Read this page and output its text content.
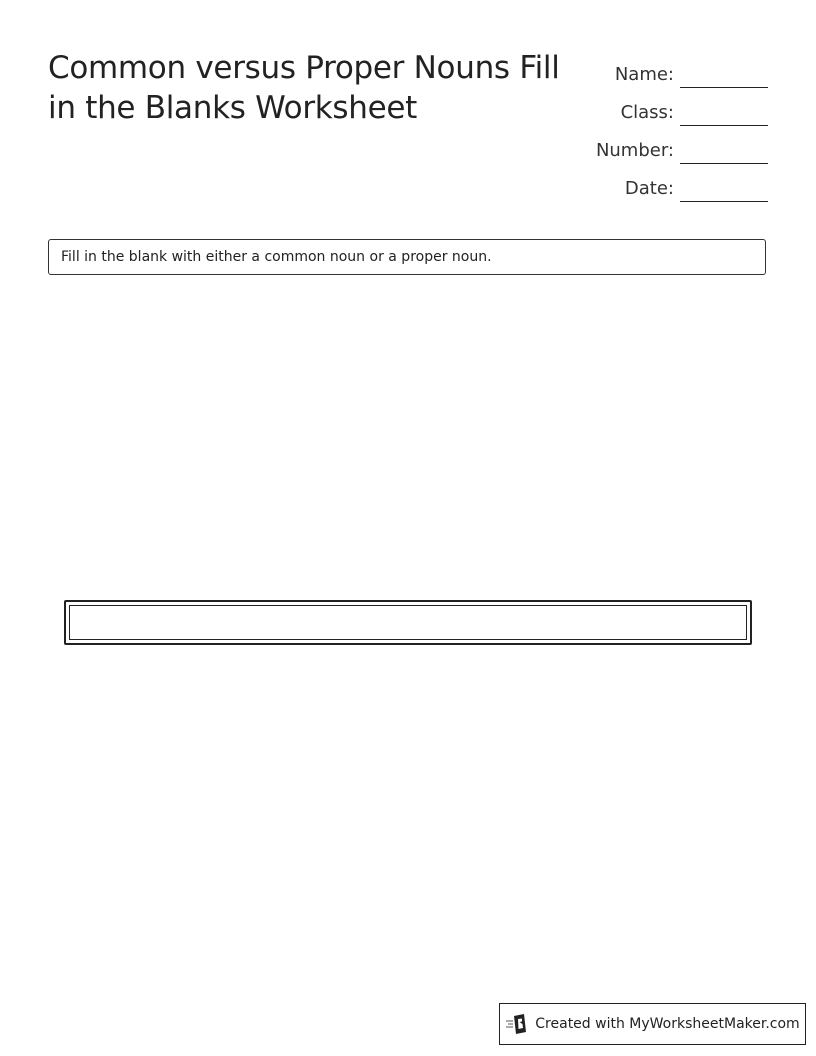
Common versus Proper Nouns Fill in the Blanks Worksheet
Name:
Class:
Number:
Date:
Fill in the blank with either a common noun or a proper noun.
Created with MyWorksheetMaker.com
